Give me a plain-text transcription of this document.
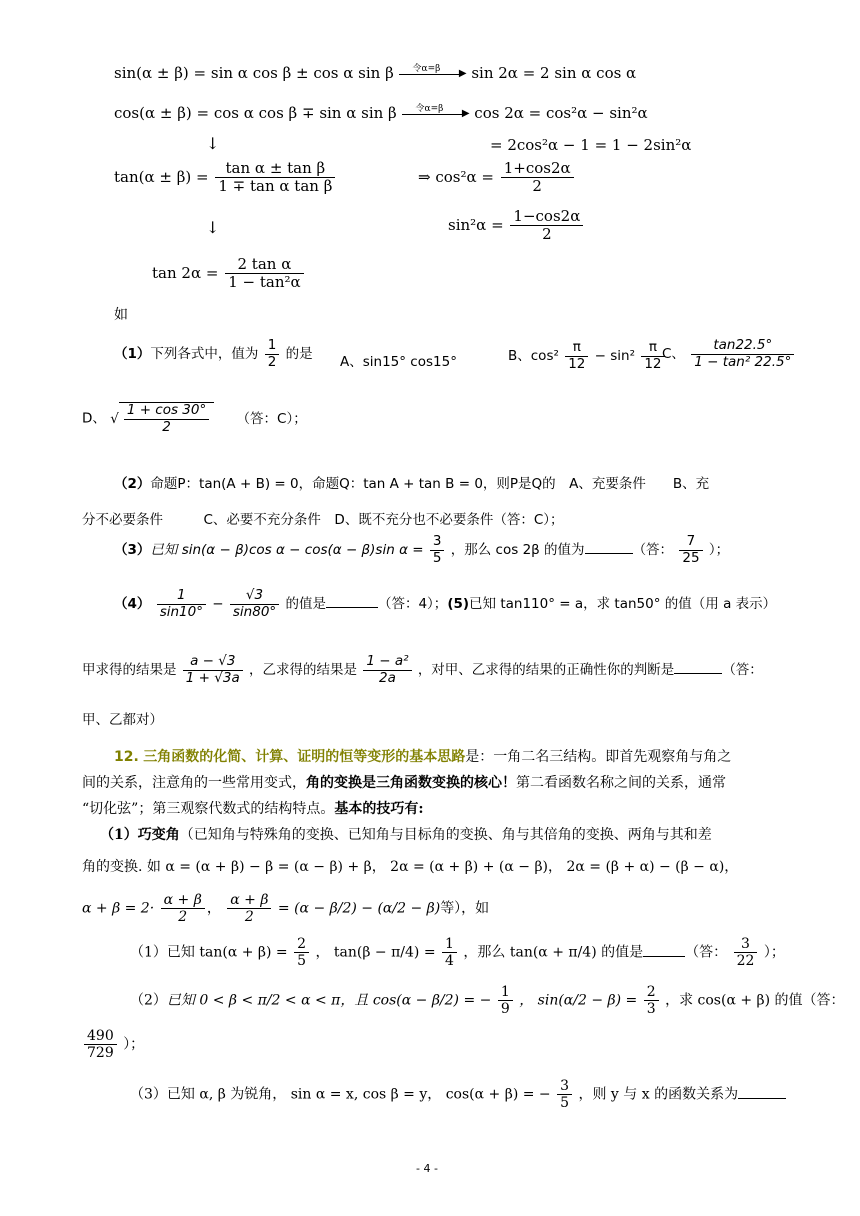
sin(α ± β) = sin α cos β ± cos α sin β 令α=β ▶ sin 2α = 2 sin α cos α
cos(α ± β) = cos α cos β ∓ sin α sin β 令α=β ▶ cos 2α = cos²α − sin²α
↓	= 2cos²α − 1 = 1 − 2sin²α
$\tan(\alpha \pm \beta) = \frac{\text{tan α ± tan β}}{\text{1 ∓ tan α tan β}}$	⇒ $\cos^2\alpha = \frac{1+\cos 2\alpha}{2}$
↓	$\sin^2\alpha = \frac{1-\cos 2\alpha}{2}$
$\tan 2\alpha = \frac{\text{2 tan α}}{\text{1 − tan²α}}$
如
（1）下列各式中，值为 $\frac{1}{2}$ 的是 A、sin15° cos15°	B、$\cos^2 \frac{\pi}{12} - \sin^2 \frac{\pi}{12}$
C、 $\frac{\tan 22.5^\circ}{\text{1 − tan² 22.5°}}$
D、 √ $\frac{1 + \cos 30^\circ}{2}$ （答：C）；
（2）命题P：tan(A + B) = 0，命题Q：tan A + tan B = 0，则P是Q的　A、充要条件　　B、充
分不必要条件　　　C、必要不充分条件　D、既不充分也不必要条件（答：C）；
（3）已知 sin(α − β)cos α − cos(α − β)sin $\alpha = \frac{3}{5}$ ，那么 cos 2β 的值为	（答： $\frac{7}{25}$ ）；
$(4) \frac{1}{\sin 10^\circ} - \frac{√3}{\sin 80^\circ}$ 的值是	（答：4）；(5)已知 tan110° = a，求 tan50° 的值（用 a 表示）
甲求得的结果是 $\frac{a - √3}{1 + √3a}$ ，乙求得的结果是 $\frac{\text{1 − a²}}{2a}$ ，对甲、乙求得的结果的正确性你的判断是	（答：
甲、乙都对）
12. 三角函数的化简、计算、证明的恒等变形的基本思路是：一角二名三结构。即首先观察角与角之
间的关系，注意角的一些常用变式，角的变换是三角函数变换的核心！第二看函数名称之间的关系，通常
“切化弦”；第三观察代数式的结构特点。基本的技巧有:
（1）巧变角（已知角与特殊角的变换、已知角与目标角的变换、角与其倍角的变换、两角与其和差
角的变换. 如 α = (α + β) − β = (α − β) + β， 2α = (α + β) + (α − β)， 2α = (β + α) − (β − α)，
$\alpha + \beta = 2\cdot \frac{\alpha + \beta}{2}$ ， $\frac{\alpha + \beta}{2} = (\alpha - \beta/2) - (\alpha/2 - \beta)$等），如
（1）已知 $\tan(\alpha + \beta) = \frac{2}{5}$ ， $\tan(\beta - \pi/4) = \frac{1}{4}$ ，那么 tan(α + π/4) 的值是	（答： $\frac{3}{22}$ ）；
（2）已知 0 < β < π/2 < α < π，且 cos(α − β/2) = − $\frac{1}{9}$ ， $\sin(\alpha/2 - \beta) = \frac{2}{3}$ ，求 cos(α + β) 的值（答：
$\frac{490}{729}$ ）；
（3）已知 α, β 为锐角， sin α = x, cos β = y， cos(α + β) = − $\frac{3}{5}$ ，则 y 与 x 的函数关系为
- 4 -
